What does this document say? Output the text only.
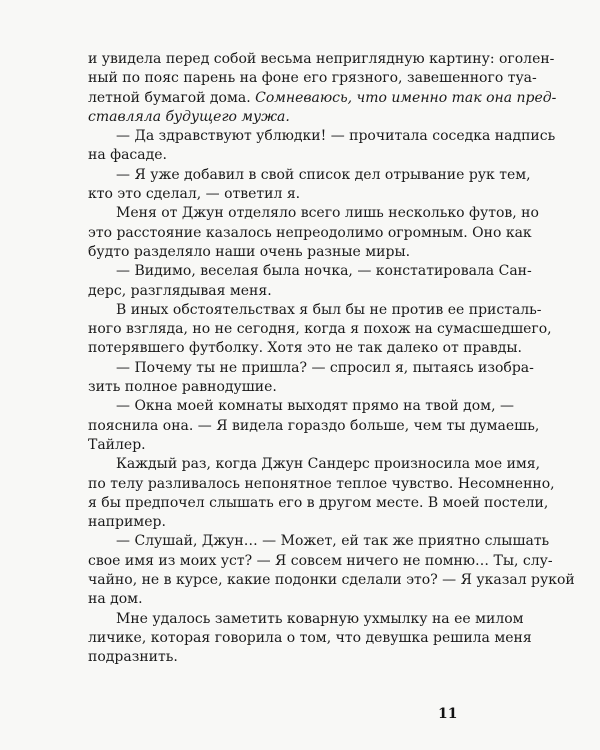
и увидела перед собой весьма неприглядную картину: оголен-
ный по пояс парень на фоне его грязного, завешенного туа-
летной бумагой дома. Сомневаюсь, что именно так она пред-
ставляла будущего мужа.

— Да здравствуют ублюдки! — прочитала соседка надпись
на фасаде.

— Я уже добавил в свой список дел отрывание рук тем,
кто это сделал, — ответил я.

Меня от Джун отделяло всего лишь несколько футов, но
это расстояние казалось непреодолимо огромным. Оно как
будто разделяло наши очень разные миры.

— Видимо, веселая была ночка, — констатировала Сан-
дерс, разглядывая меня.

В иных обстоятельствах я был бы не против ее присталь-
ного взгляда, но не сегодня, когда я похож на сумасшедшего,
потерявшего футболку. Хотя это не так далеко от правды.

— Почему ты не пришла? — спросил я, пытаясь изобра-
зить полное равнодушие.

— Окна моей комнаты выходят прямо на твой дом, —
пояснила она. — Я видела гораздо больше, чем ты думаешь,
Тайлер.

Каждый раз, когда Джун Сандерс произносила мое имя,
по телу разливалось непонятное теплое чувство. Несомненно,
я бы предпочел слышать его в другом месте. В моей постели,
например.

— Слушай, Джун… — Может, ей так же приятно слышать
свое имя из моих уст? — Я совсем ничего не помню… Ты, слу-
чайно, не в курсе, какие подонки сделали это? — Я указал рукой
на дом.

Мне удалось заметить коварную ухмылку на ее милом
личике, которая говорила о том, что девушка решила меня
подразнить.

11
